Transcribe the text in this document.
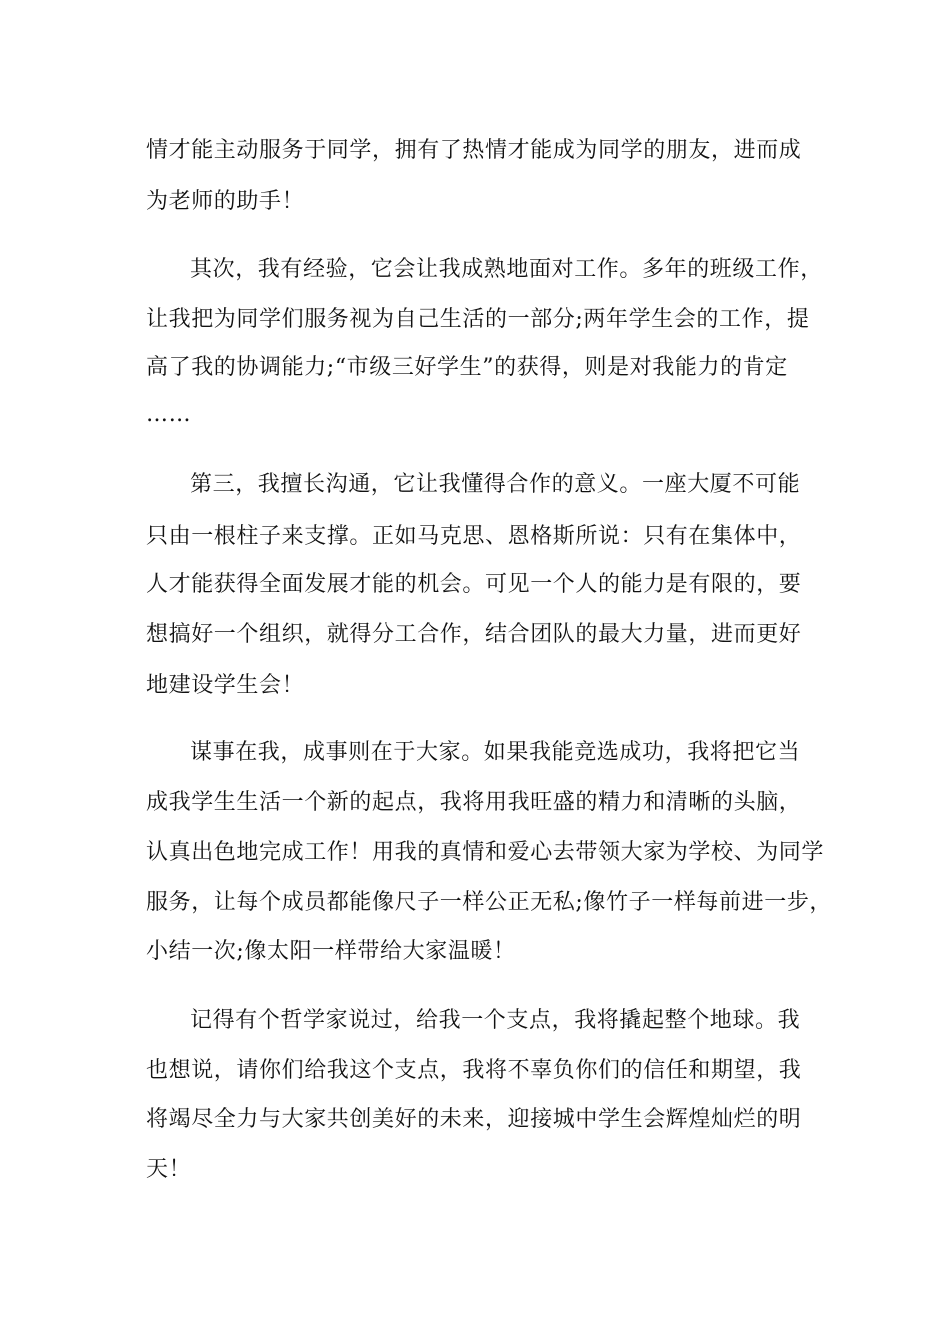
情才能主动服务于同学，拥有了热情才能成为同学的朋友，进而成
为老师的助手！
其次，我有经验，它会让我成熟地面对工作。多年的班级工作，
让我把为同学们服务视为自己生活的一部分;两年学生会的工作，提
高了我的协调能力;“市级三好学生”的获得，则是对我能力的肯定
……
第三，我擅长沟通，它让我懂得合作的意义。一座大厦不可能
只由一根柱子来支撑。正如马克思、恩格斯所说：只有在集体中，
人才能获得全面发展才能的机会。可见一个人的能力是有限的，要
想搞好一个组织，就得分工合作，结合团队的最大力量，进而更好
地建设学生会！
谋事在我，成事则在于大家。如果我能竞选成功，我将把它当
成我学生生活一个新的起点，我将用我旺盛的精力和清晰的头脑，
认真出色地完成工作！用我的真情和爱心去带领大家为学校、为同学
服务，让每个成员都能像尺子一样公正无私;像竹子一样每前进一步，
小结一次;像太阳一样带给大家温暖！
记得有个哲学家说过，给我一个支点，我将撬起整个地球。我
也想说，请你们给我这个支点，我将不辜负你们的信任和期望，我
将竭尽全力与大家共创美好的未来，迎接城中学生会辉煌灿烂的明
天！
